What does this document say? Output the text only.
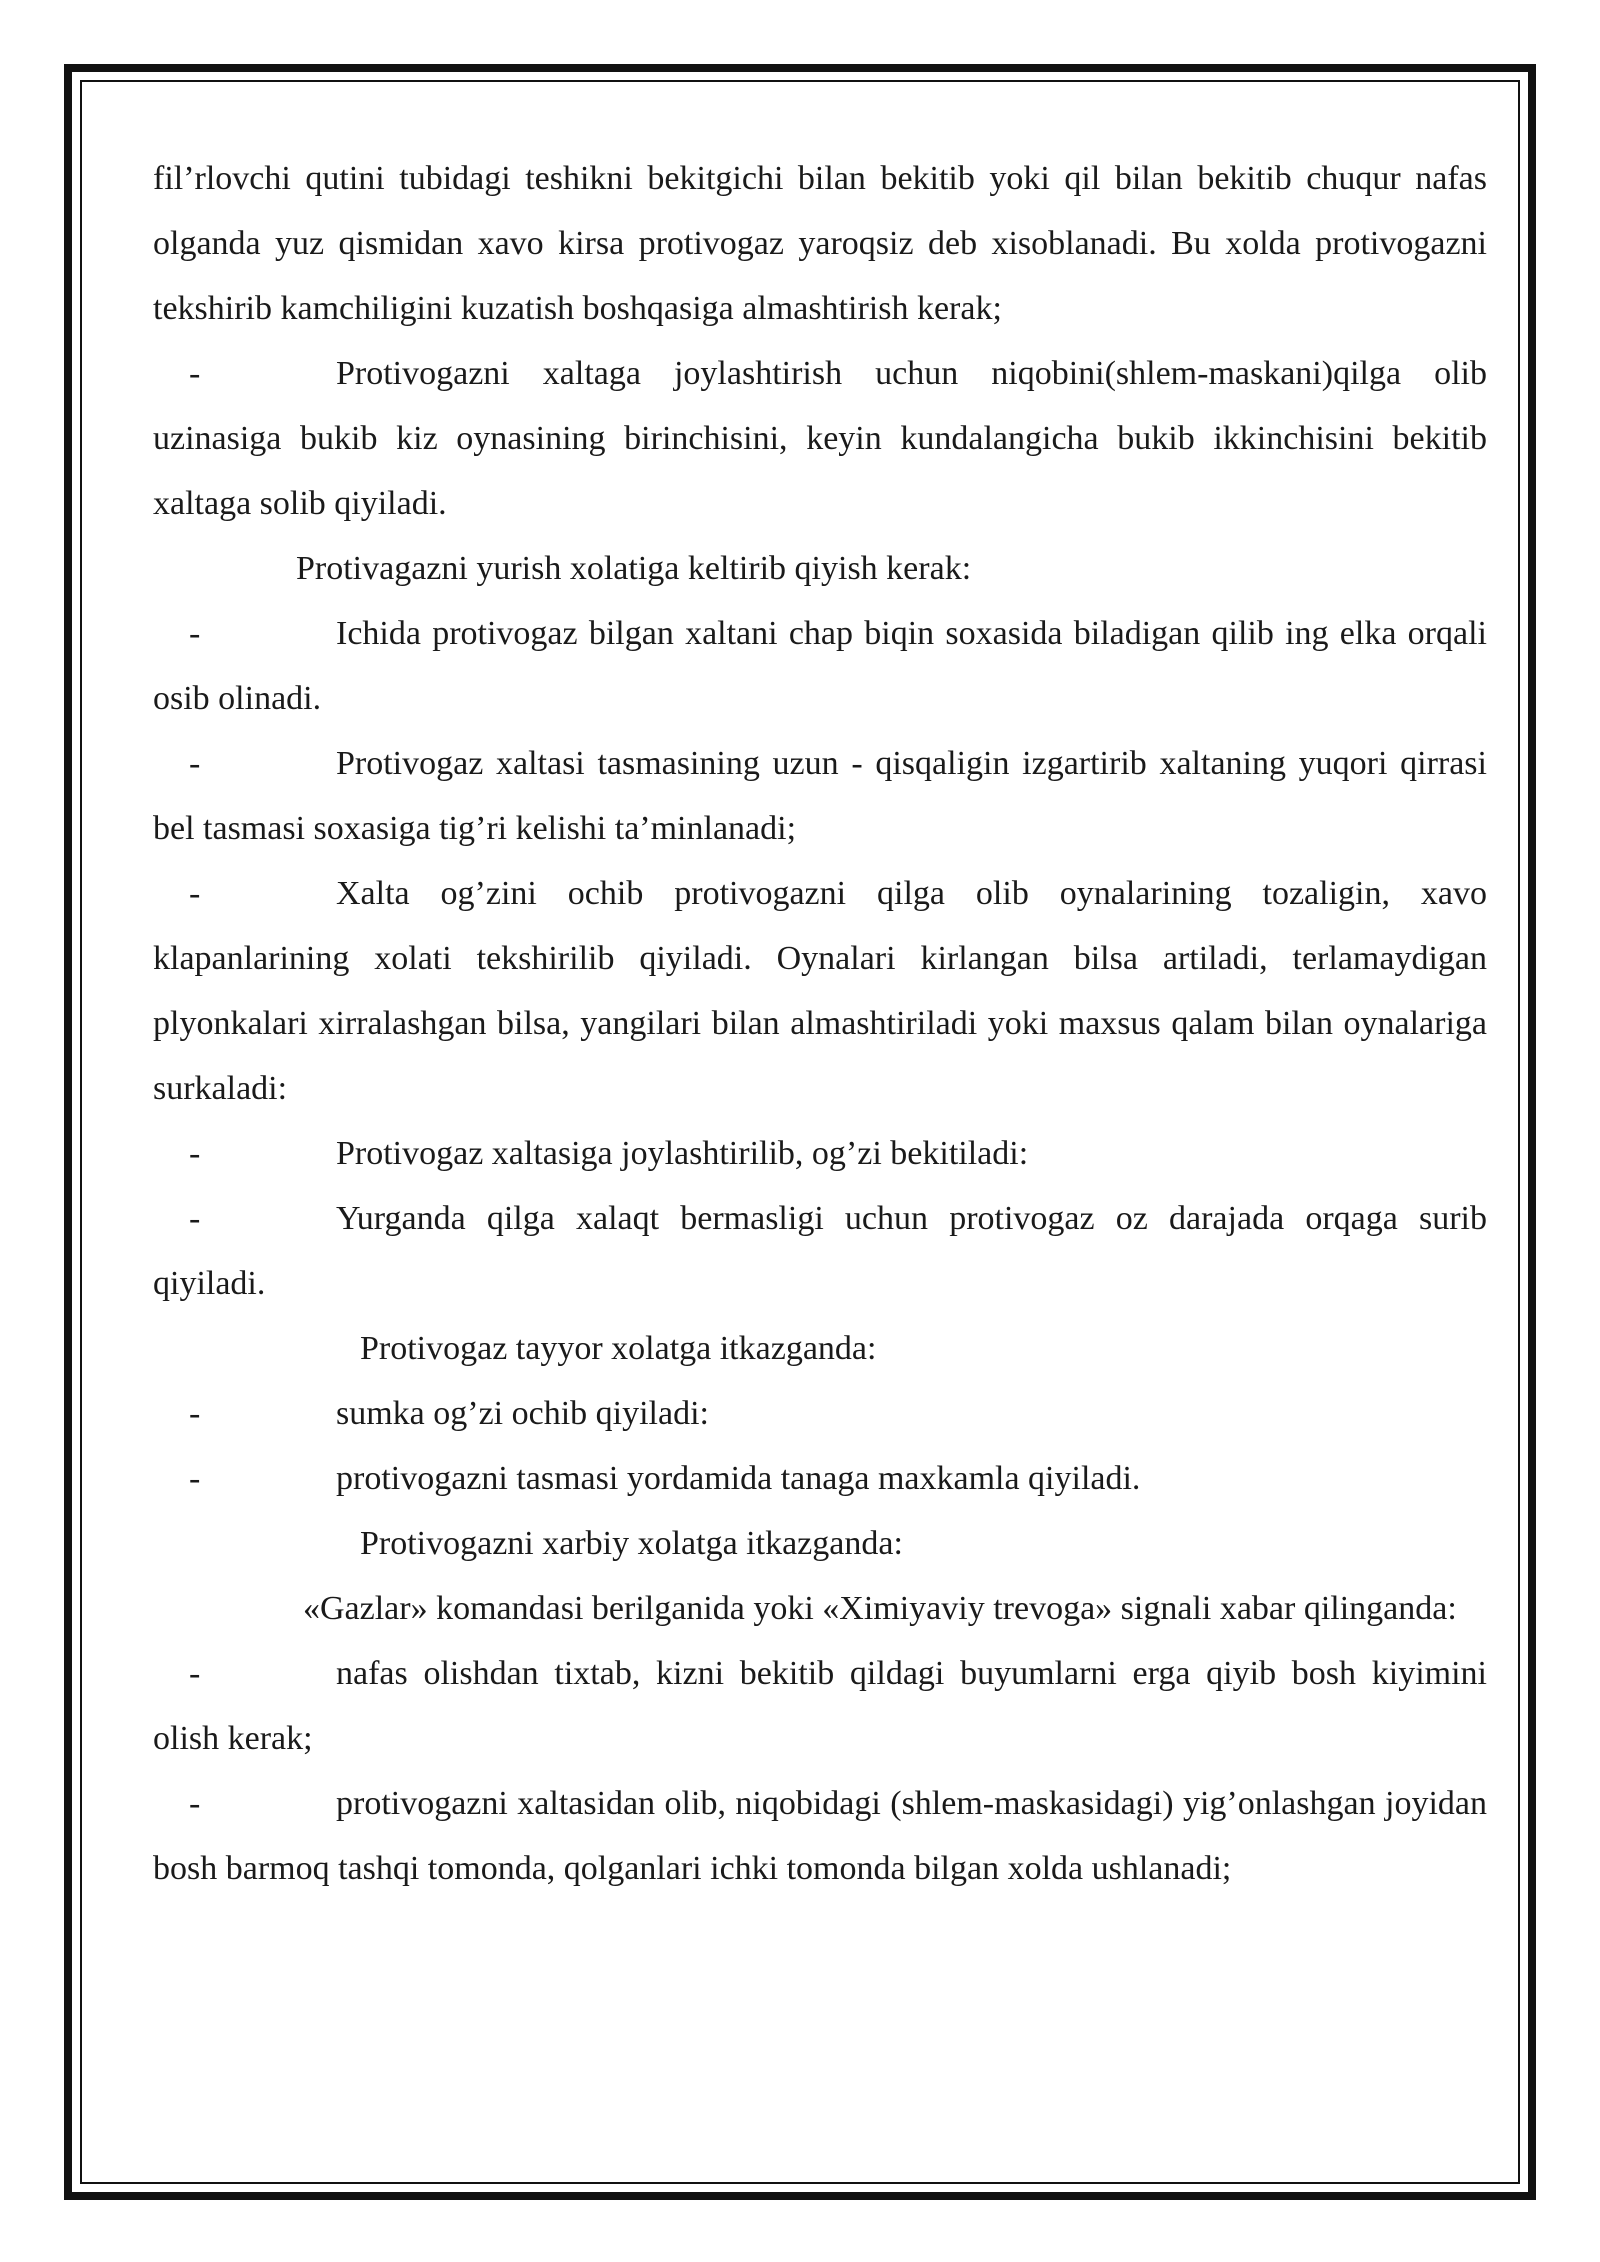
fil’rlovchi qutini tubidagi teshikni bekitgichi bilan bekitib yoki qil bilan bekitib chuqur nafas olganda yuz qismidan xavo kirsa protivogaz yaroqsiz deb xisoblanadi. Bu xolda protivogazni tekshirib kamchiligini kuzatish boshqasiga almashtirish kerak;

-	Protivogazni xaltaga joylashtirish uchun niqobini(shlem-maskani)qilga olib uzinasiga bukib kiz oynasining birinchisini, keyin kundalangicha bukib ikkinchisini bekitib xaltaga solib qiyiladi.

Protivagazni yurish xolatiga keltirib qiyish kerak:

-	Ichida protivogaz bilgan xaltani chap biqin soxasida biladigan qilib ing elka orqali osib olinadi.

-	Protivogaz xaltasi tasmasining uzun - qisqaligin izgartirib xaltaning yuqori qirrasi bel tasmasi soxasiga tig’ri kelishi ta’minlanadi;

-	Xalta og’zini ochib protivogazni qilga olib oynalarining tozaligin, xavo klapanlarining xolati tekshirilib qiyiladi. Oynalari kirlangan bilsa artiladi, terlamaydigan plyonkalari xirralashgan bilsa, yangilari bilan almashtiriladi yoki maxsus qalam bilan oynalariga surkaladi:

-	Protivogaz xaltasiga joylashtirilib, og’zi bekitiladi:

-	Yurganda qilga xalaqt bermasligi uchun protivogaz oz darajada orqaga surib qiyiladi.

Protivogaz tayyor xolatga itkazganda:

-	sumka og’zi ochib qiyiladi:

-	protivogazni tasmasi yordamida tanaga maxkamla qiyiladi.

Protivogazni xarbiy xolatga itkazganda:

«Gazlar» komandasi berilganida yoki «Ximiyaviy trevoga» signali xabar qilinganda:

-	nafas olishdan tixtab, kizni bekitib qildagi buyumlarni erga qiyib bosh kiyimini olish kerak;

-	protivogazni xaltasidan olib, niqobidagi (shlem-maskasidagi) yig’onlashgan joyidan bosh barmoq tashqi tomonda, qolganlari ichki tomonda bilgan xolda ushlanadi;
